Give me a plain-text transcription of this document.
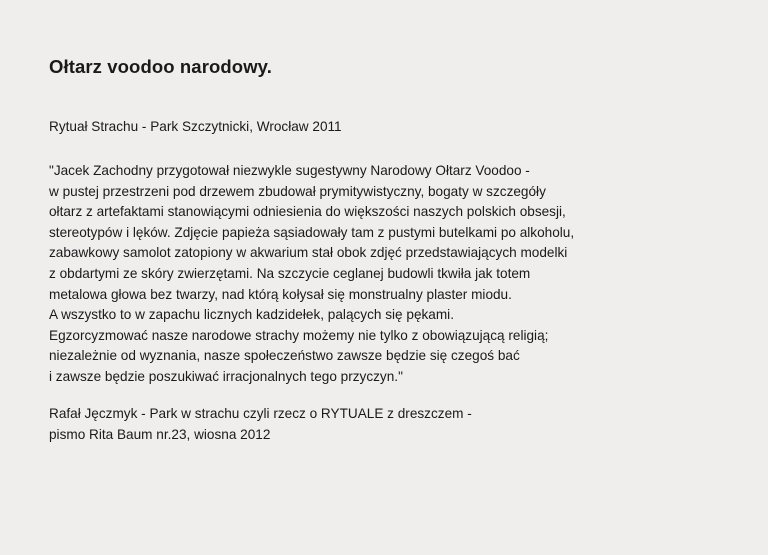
Ołtarz voodoo narodowy.

Rytuał Strachu - Park Szczytnicki, Wrocław 2011

"Jacek Zachodny przygotował niezwykle sugestywny Narodowy Ołtarz Voodoo -
w pustej przestrzeni pod drzewem zbudował prymitywistyczny, bogaty w szczegóły
ołtarz z artefaktami stanowiącymi odniesienia do większości naszych polskich obsesji,
stereotypów i lęków. Zdjęcie papieża sąsiadowały tam z pustymi butelkami po alkoholu,
zabawkowy samolot zatopiony w akwarium stał obok zdjęć przedstawiających modelki
z obdartymi ze skóry zwierzętami. Na szczycie ceglanej budowli tkwiła jak totem
metalowa głowa bez twarzy, nad którą kołysał się monstrualny plaster miodu.
A wszystko to w zapachu licznych kadzidełek, palących się pękami.
Egzorcyzmować nasze narodowe strachy możemy nie tylko z obowiązującą religią;
niezależnie od wyznania, nasze społeczeństwo zawsze będzie się czegoś bać
i zawsze będzie poszukiwać irracjonalnych tego przyczyn."

Rafał Jęczmyk - Park w strachu czyli rzecz o RYTUALE z dreszczem -
pismo Rita Baum nr.23, wiosna 2012
